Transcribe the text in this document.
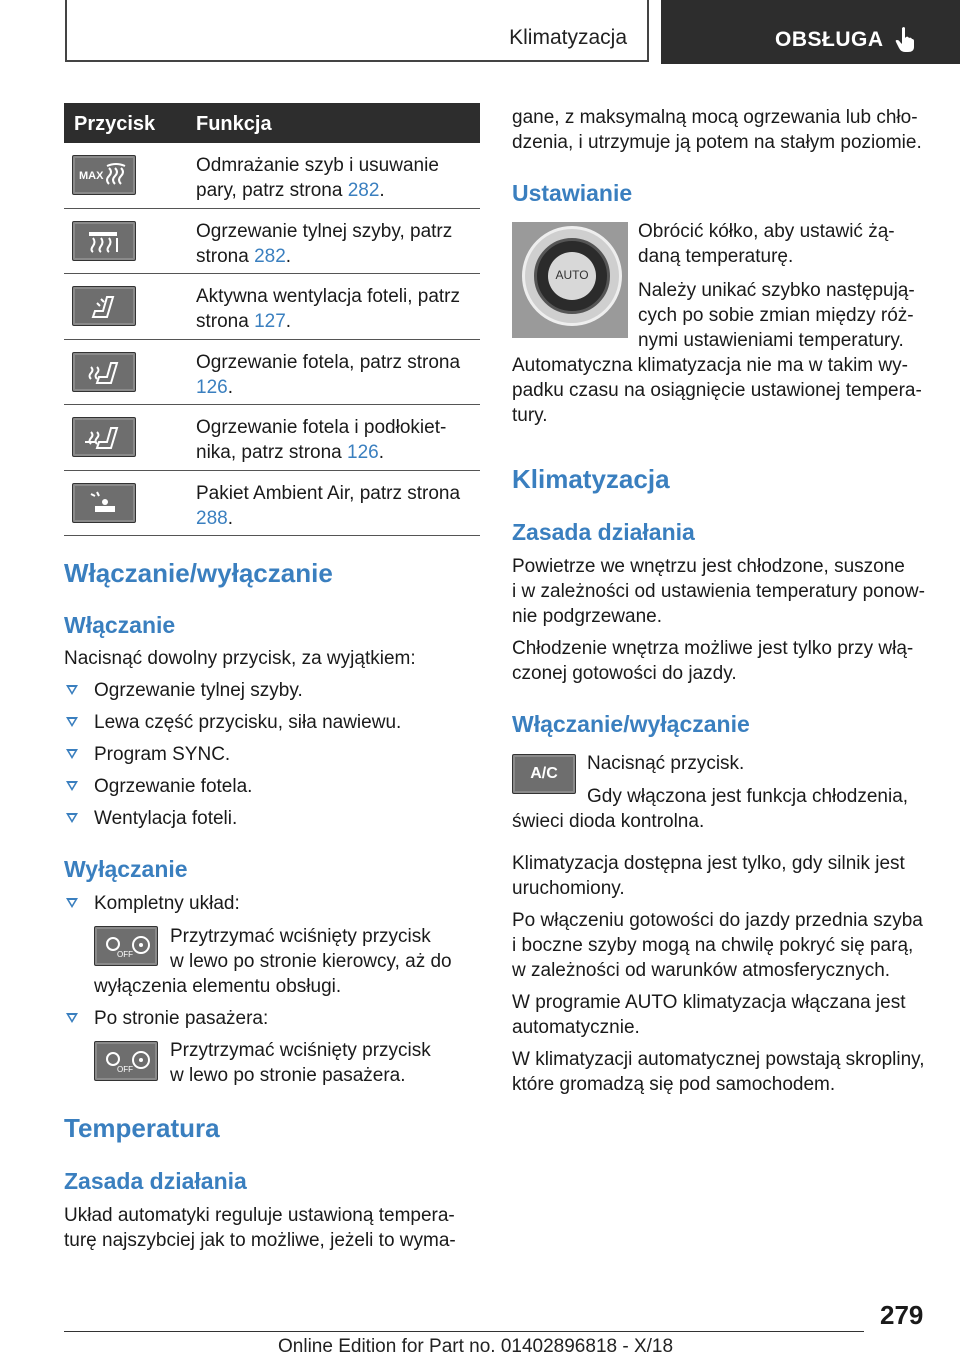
Klimatyzacja	OBSŁUGA
Przycisk Funkcja
MAX	Odmrażanie szyb i usuwanie pary, patrz strona 282.
Ogrzewanie tylnej szyby, patrz strona 282.
Aktywna wentylacja foteli, patrz strona 127.
Ogrzewanie fotela, patrz strona 126.
Ogrzewanie fotela i podłokiet-nika, patrz strona 126.
Pakiet Ambient Air, patrz strona 288.
Włączanie/wyłączanie
Włączanie
Nacisnąć dowolny przycisk, za wyjątkiem:
Ogrzewanie tylnej szyby.
Lewa część przycisku, siła nawiewu.
Program SYNC.
Ogrzewanie fotela.
Wentylacja foteli.
Wyłączanie
Kompletny układ:
OFF
Przytrzymać wciśnięty przycisk
w lewo po stronie kierowcy, aż do
wyłączenia elementu obsługi.
Po stronie pasażera:
OFF
Przytrzymać wciśnięty przycisk
w lewo po stronie pasażera.
Temperatura
Zasada działania
Układ automatyki reguluje ustawioną tempera-
turę najszybciej jak to możliwe, jeżeli to wyma-
gane, z maksymalną mocą ogrzewania lub chło-
dzenia, i utrzymuje ją potem na stałym poziomie.
Ustawianie
AUTO
Obrócić kółko, aby ustawić żą-
daną temperaturę.
Należy unikać szybko następują-
cych po sobie zmian między róż-
nymi ustawieniami temperatury.
Automatyczna klimatyzacja nie ma w takim wy-
padku czasu na osiągnięcie ustawionej tempera-
tury.
Klimatyzacja
Zasada działania
Powietrze we wnętrzu jest chłodzone, suszone
i w zależności od ustawienia temperatury ponow-
nie podgrzewane.
Chłodzenie wnętrza możliwe jest tylko przy włą-
czonej gotowości do jazdy.
Włączanie/wyłączanie
A/C	Nacisnąć przycisk.
Gdy włączona jest funkcja chłodzenia,
świeci dioda kontrolna.
Klimatyzacja dostępna jest tylko, gdy silnik jest
uruchomiony.
Po włączeniu gotowości do jazdy przednia szyba
i boczne szyby mogą na chwilę pokryć się parą,
w zależności od warunków atmosferycznych.
W programie AUTO klimatyzacja włączana jest
automatycznie.
W klimatyzacji automatycznej powstają skropliny,
które gromadzą się pod samochodem.
279
Online Edition for Part no. 01402896818 - X/18
